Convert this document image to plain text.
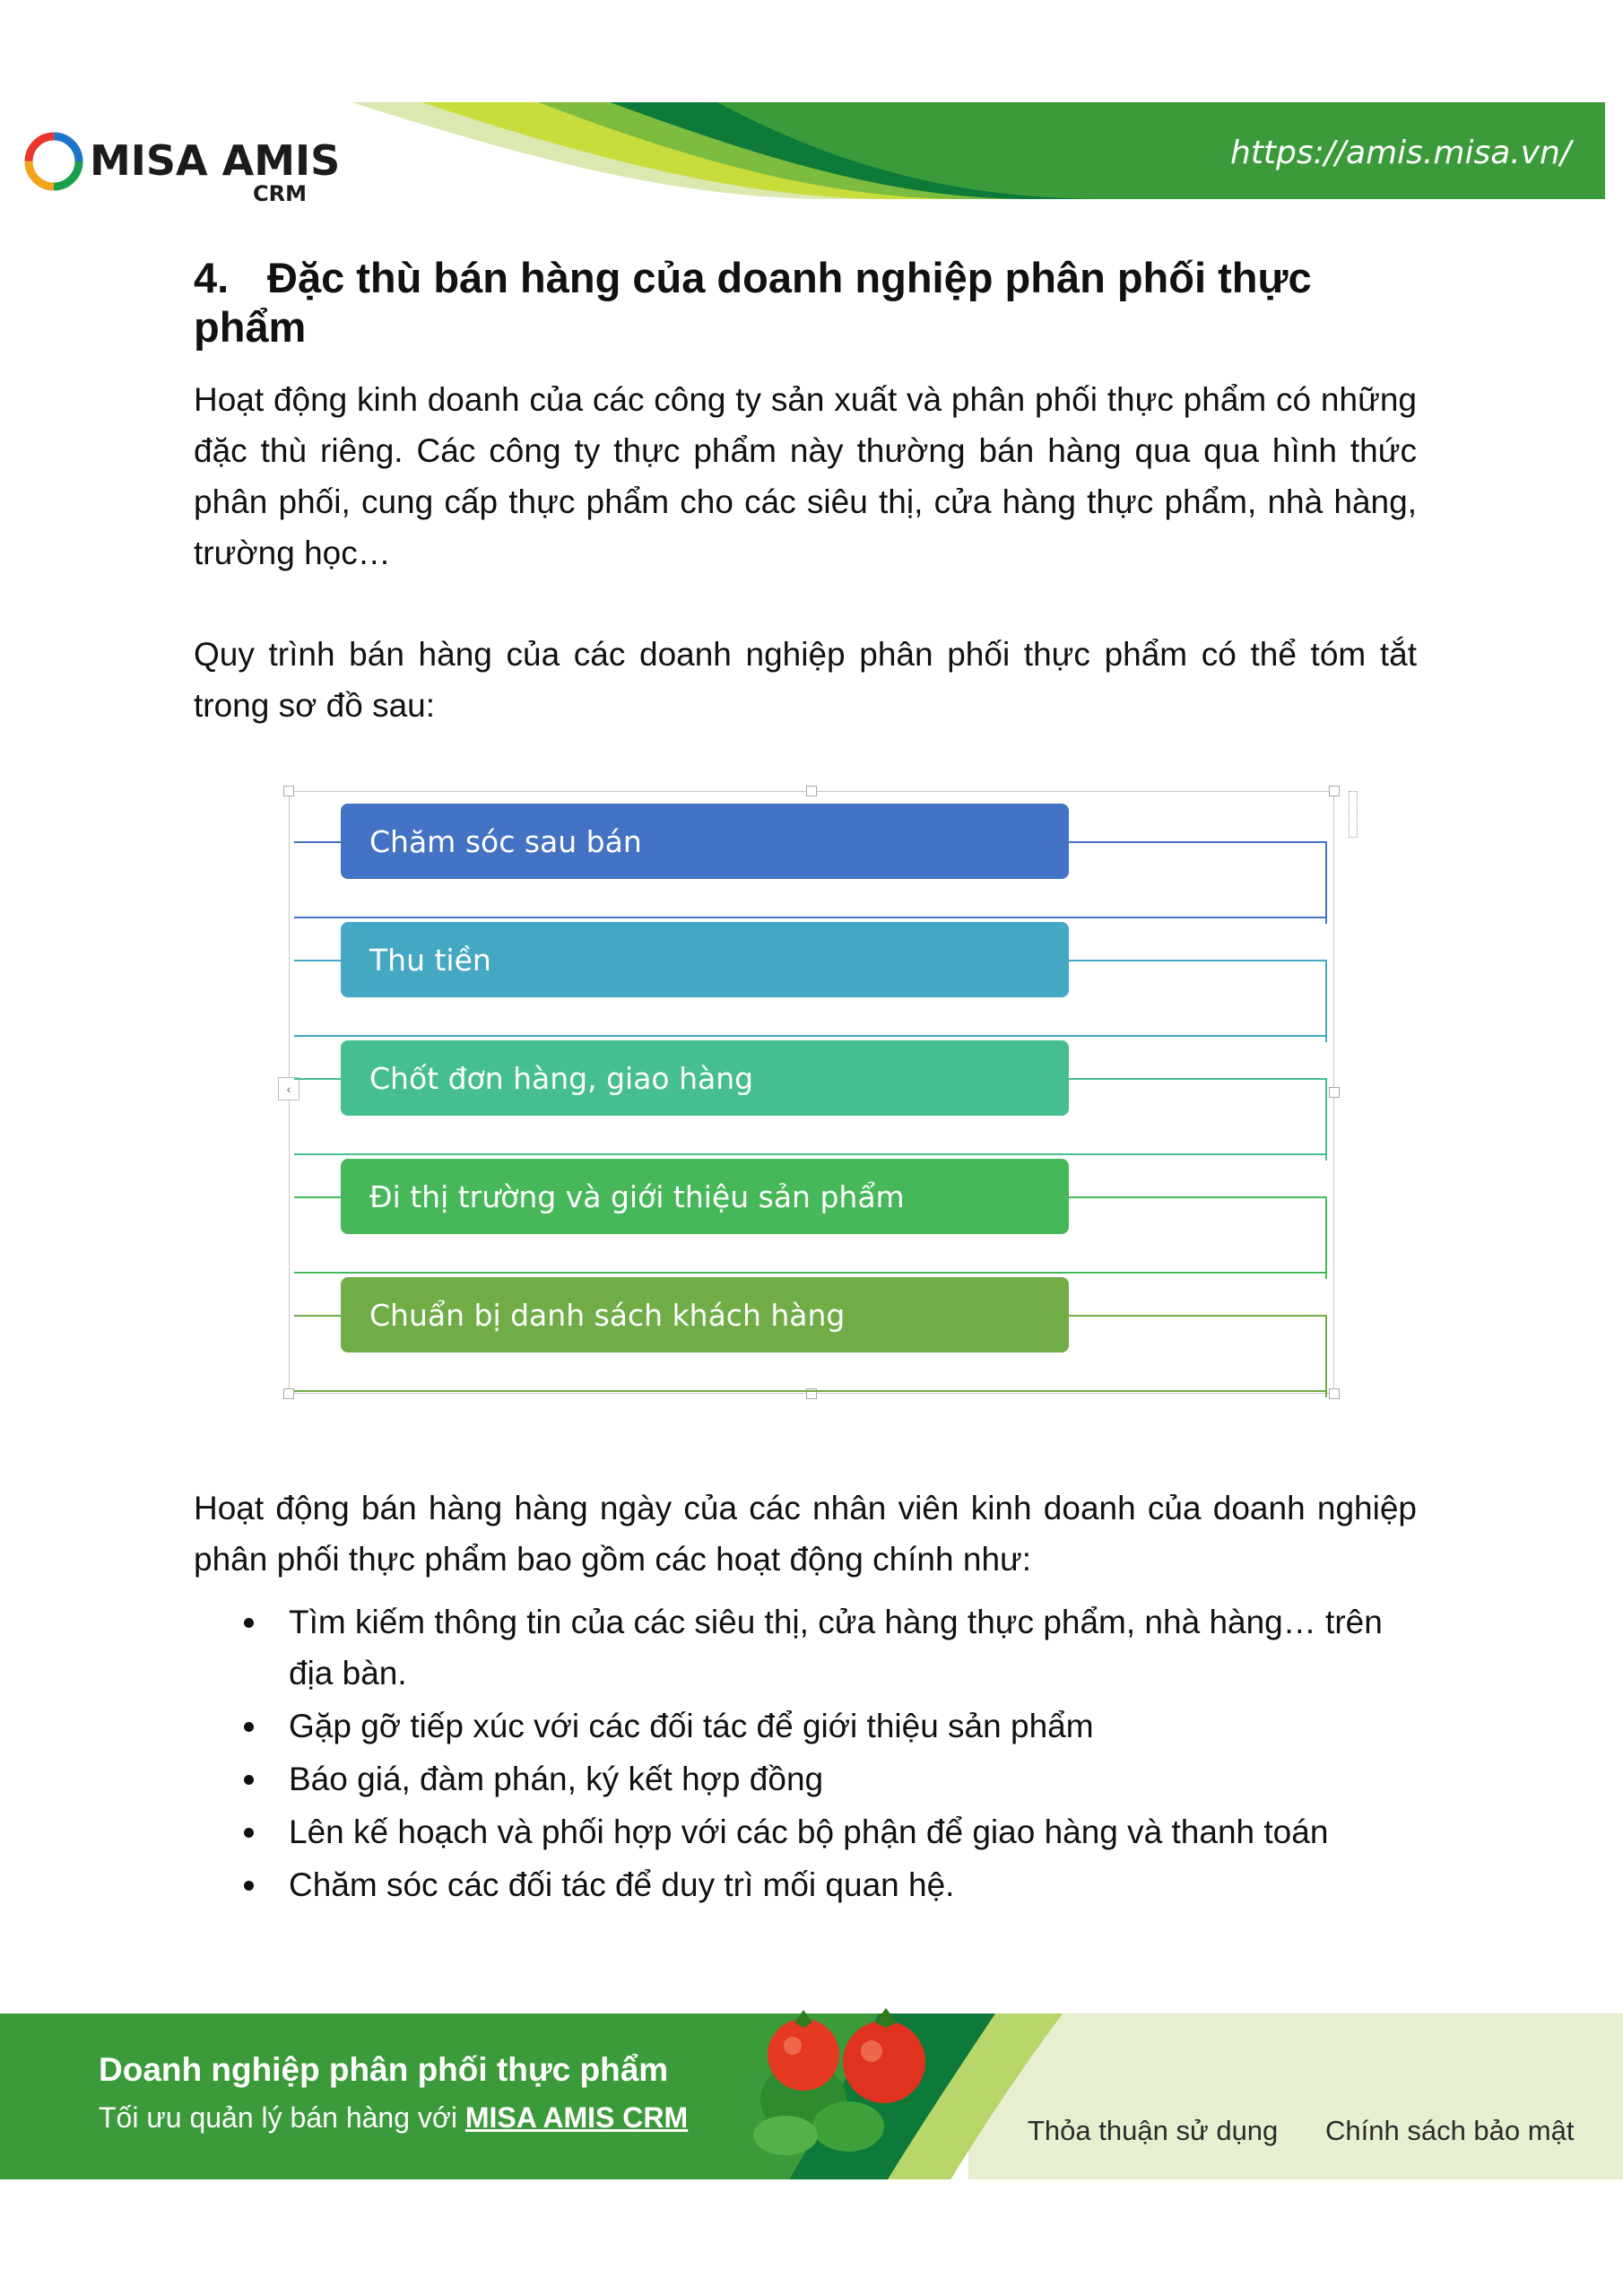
MISA AMIS
CRM
https://amis.misa.vn/
4. Đặc thù bán hàng của doanh nghiệp phân phối thực phẩm

Hoạt động kinh doanh của các công ty sản xuất và phân phối thực phẩm có những đặc thù riêng. Các công ty thực phẩm này thường bán hàng qua qua hình thức phân phối, cung cấp thực phẩm cho các siêu thị, cửa hàng thực phẩm, nhà hàng, trường học…

Quy trình bán hàng của các doanh nghiệp phân phối thực phẩm có thể tóm tắt trong sơ đồ sau:

‹
Chăm sóc sau bán
Thu tiền
Chốt đơn hàng, giao hàng
Đi thị trường và giới thiệu sản phẩm
Chuẩn bị danh sách khách hàng

Hoạt động bán hàng hàng ngày của các nhân viên kinh doanh của doanh nghiệp phân phối thực phẩm bao gồm các hoạt động chính như:

Tìm kiếm thông tin của các siêu thị, cửa hàng thực phẩm, nhà hàng… trên địa bàn.
Gặp gỡ tiếp xúc với các đối tác để giới thiệu sản phẩm
Báo giá, đàm phán, ký kết hợp đồng
Lên kế hoạch và phối hợp với các bộ phận để giao hàng và thanh toán
Chăm sóc các đối tác để duy trì mối quan hệ.
Doanh nghiệp phân phối thực phẩm
Tối ưu quản lý bán hàng với MISA AMIS CRM	Thỏa thuận sử dụng Chính sách bảo mật
